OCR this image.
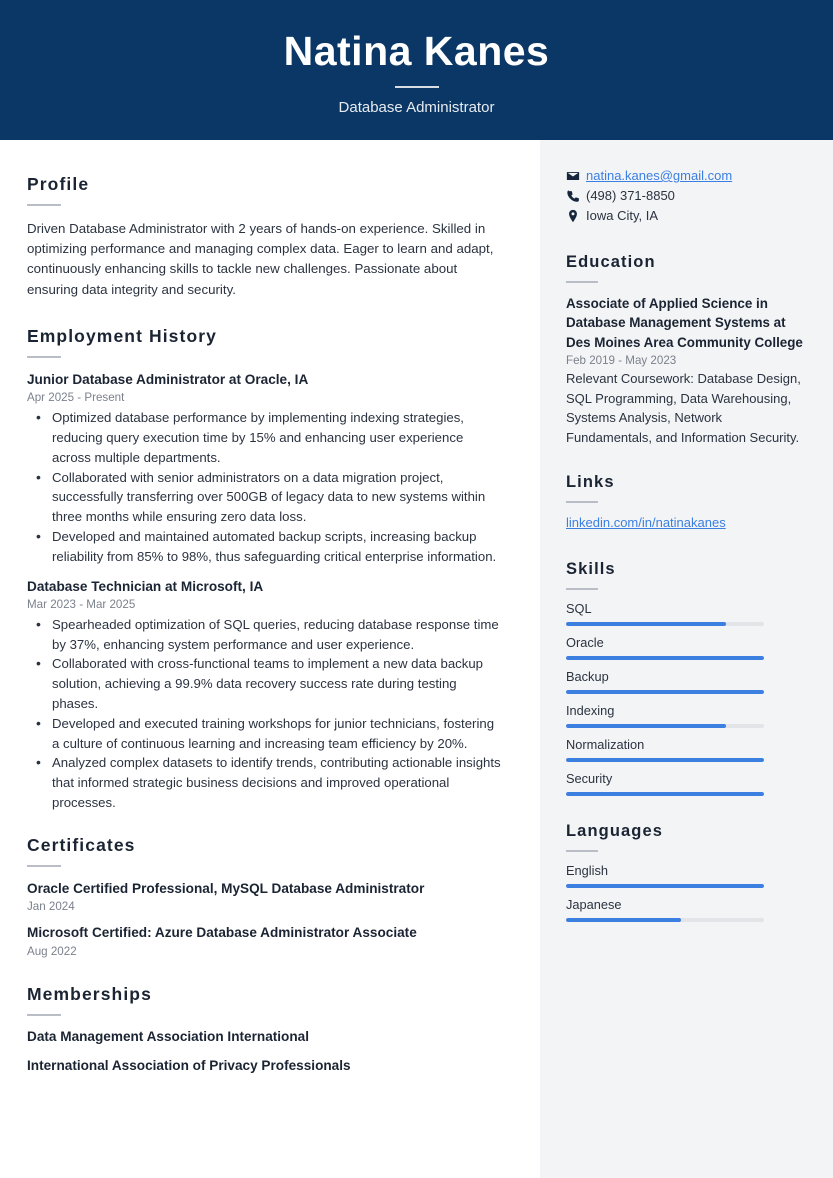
Natina Kanes
Database Administrator
Profile

Driven Database Administrator with 2 years of hands-on experience. Skilled in optimizing performance and managing complex data. Eager to learn and adapt, continuously enhancing skills to tackle new challenges. Passionate about ensuring data integrity and security.

Employment History
Junior Database Administrator at Oracle, IA
Apr 2025 - Present
• Optimized database performance by implementing indexing strategies, reducing query execution time by 15% and enhancing user experience across multiple departments.
• Collaborated with senior administrators on a data migration project, successfully transferring over 500GB of legacy data to new systems within three months while ensuring zero data loss.
• Developed and maintained automated backup scripts, increasing backup reliability from 85% to 98%, thus safeguarding critical enterprise information.
Database Technician at Microsoft, IA
Mar 2023 - Mar 2025
• Spearheaded optimization of SQL queries, reducing database response time by 37%, enhancing system performance and user experience.
• Collaborated with cross-functional teams to implement a new data backup solution, achieving a 99.9% data recovery success rate during testing phases.
• Developed and executed training workshops for junior technicians, fostering a culture of continuous learning and increasing team efficiency by 20%.
• Analyzed complex datasets to identify trends, contributing actionable insights that informed strategic business decisions and improved operational processes.
Certificates
Oracle Certified Professional, MySQL Database Administrator
Jan 2024
Microsoft Certified: Azure Database Administrator Associate
Aug 2022
Memberships
Data Management Association International
International Association of Privacy Professionals
natina.kanes@gmail.com
(498) 371-8850
Iowa City, IA
Education
Associate of Applied Science in Database Management Systems at Des Moines Area Community College
Feb 2019 - May 2023
Relevant Coursework: Database Design, SQL Programming, Data Warehousing, Systems Analysis, Network Fundamentals, and Information Security.
Links
linkedin.com/in/natinakanes
Skills
SQL
Oracle
Backup
Indexing
Normalization
Security
Languages
English
Japanese
